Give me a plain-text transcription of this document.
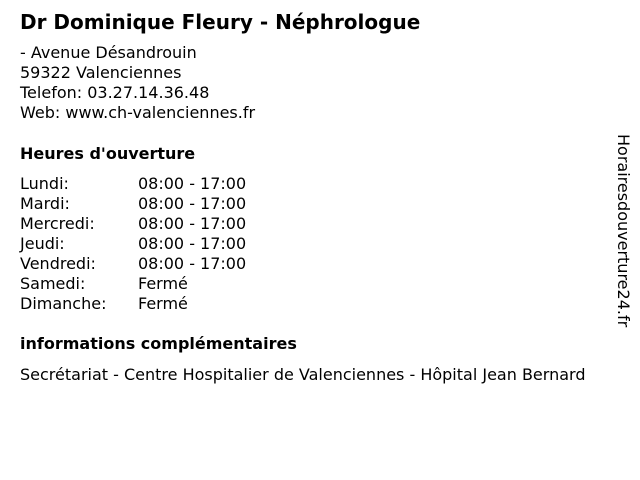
Dr Dominique Fleury - Néphrologue
- Avenue Désandrouin
59322 Valenciennes
Telefon: 03.27.14.36.48
Web: www.ch-valenciennes.fr
Heures d'ouverture
Lundi:	08:00 - 17:00
Mardi:	08:00 - 17:00
Mercredi:	08:00 - 17:00
Jeudi:	08:00 - 17:00
Vendredi:	08:00 - 17:00
Samedi:	Fermé
Dimanche: Fermé
informations complémentaires
Secrétariat - Centre Hospitalier de Valenciennes - Hôpital Jean Bernard
Horairesdouverture24.fr
